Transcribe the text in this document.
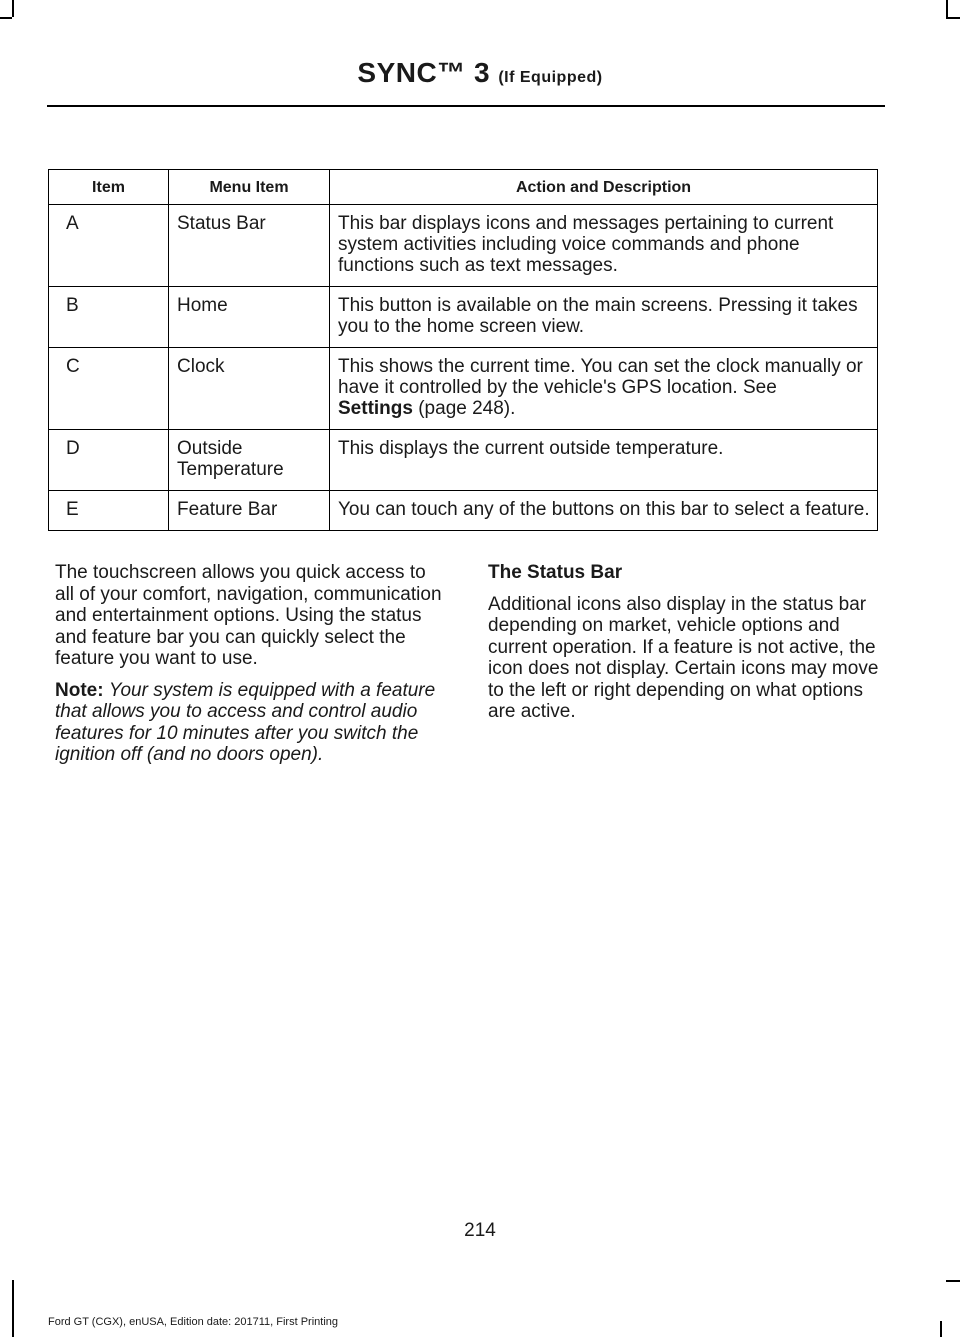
SYNC™ 3 (If Equipped)
Item	Menu Item	Action and Description
A	Status Bar	This bar displays icons and messages pertaining to current system activities including voice commands and phone functions such as text messages.
B	Home	This button is available on the main screens. Pressing it takes you to the home screen view.
C	Clock	This shows the current time. You can set the clock manually or have it controlled by the vehicle's GPS location. See
Settings (page 248).
D	Outside Temperature	This displays the current outside temperature.
E	Feature Bar	You can touch any of the buttons on this bar to select a feature.

The touchscreen allows you quick access to all of your comfort, navigation, communication and entertainment options. Using the status and feature bar you can quickly select the feature you want to use.

Note: Your system is equipped with a feature that allows you to access and control audio features for 10 minutes after you switch the ignition off (and no doors open).

The Status Bar

Additional icons also display in the status bar depending on market, vehicle options and current operation. If a feature is not active, the icon does not display. Certain icons may move to the left or right depending on what options are active.

214
Ford GT (CGX), enUSA, Edition date: 201711, First Printing
